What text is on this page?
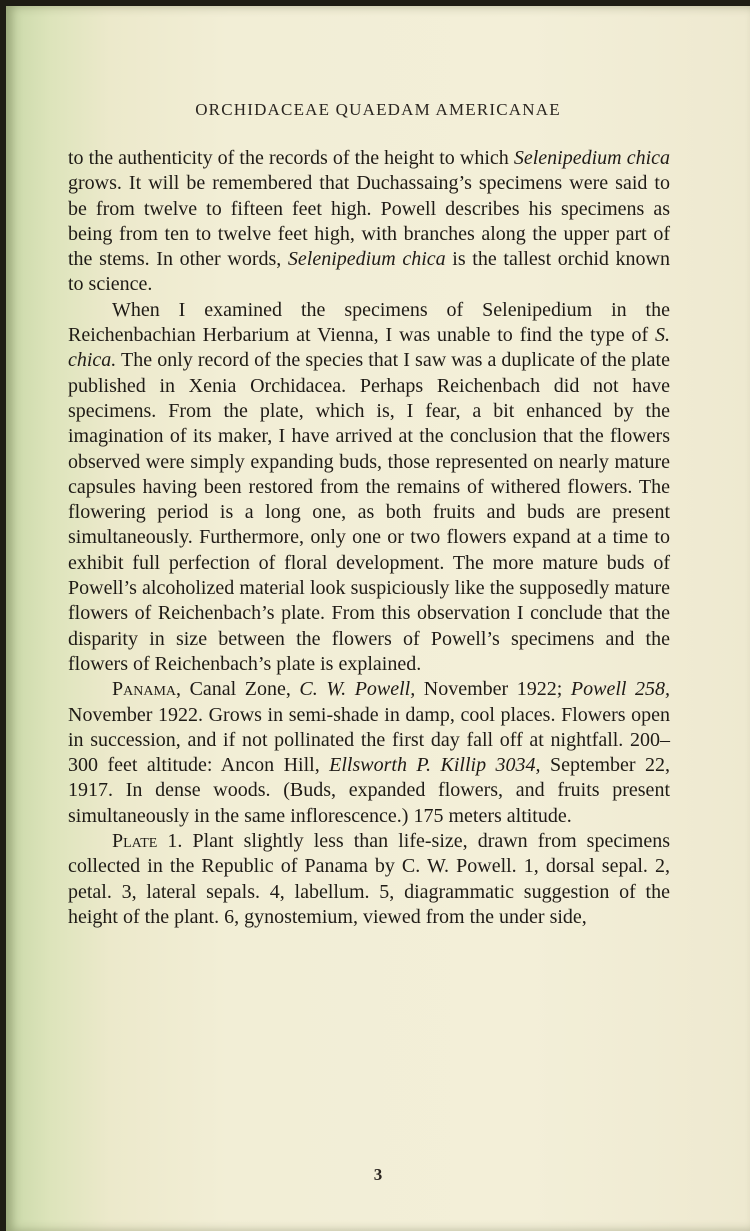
ORCHIDACEAE QUAEDAM AMERICANAE

to the authenticity of the records of the height to which Selenipedium chica grows. It will be remembered that Duchassaing’s specimens were said to be from twelve to fifteen feet high. Powell describes his specimens as being from ten to twelve feet high, with branches along the upper part of the stems. In other words, Selenipedium chica is the tallest orchid known to science.

When I examined the specimens of Selenipedium in the Reichenbachian Herbarium at Vienna, I was unable to find the type of S. chica. The only record of the species that I saw was a duplicate of the plate published in Xenia Orchidacea. Perhaps Reichenbach did not have specimens. From the plate, which is, I fear, a bit enhanced by the imagination of its maker, I have arrived at the conclusion that the flowers observed were simply expanding buds, those represented on nearly mature capsules having been restored from the remains of withered flowers. The flowering period is a long one, as both fruits and buds are present simultaneously. Furthermore, only one or two flowers expand at a time to exhibit full perfection of floral development. The more mature buds of Powell’s alcoholized material look suspiciously like the supposedly mature flowers of Reichenbach’s plate. From this observation I conclude that the disparity in size between the flowers of Powell’s specimens and the flowers of Reichenbach’s plate is explained.

Panama, Canal Zone, C. W. Powell, November 1922; Powell 258, November 1922. Grows in semi-shade in damp, cool places. Flowers open in succession, and if not pollinated the first day fall off at nightfall. 200–300 feet altitude: Ancon Hill, Ellsworth P. Killip 3034, September 22, 1917. In dense woods. (Buds, expanded flowers, and fruits present simultaneously in the same inflorescence.) 175 meters altitude.

Plate 1. Plant slightly less than life-size, drawn from specimens collected in the Republic of Panama by C. W. Powell. 1, dorsal sepal. 2, petal. 3, lateral sepals. 4, labellum. 5, diagrammatic suggestion of the height of the plant. 6, gynostemium, viewed from the under side,

3
